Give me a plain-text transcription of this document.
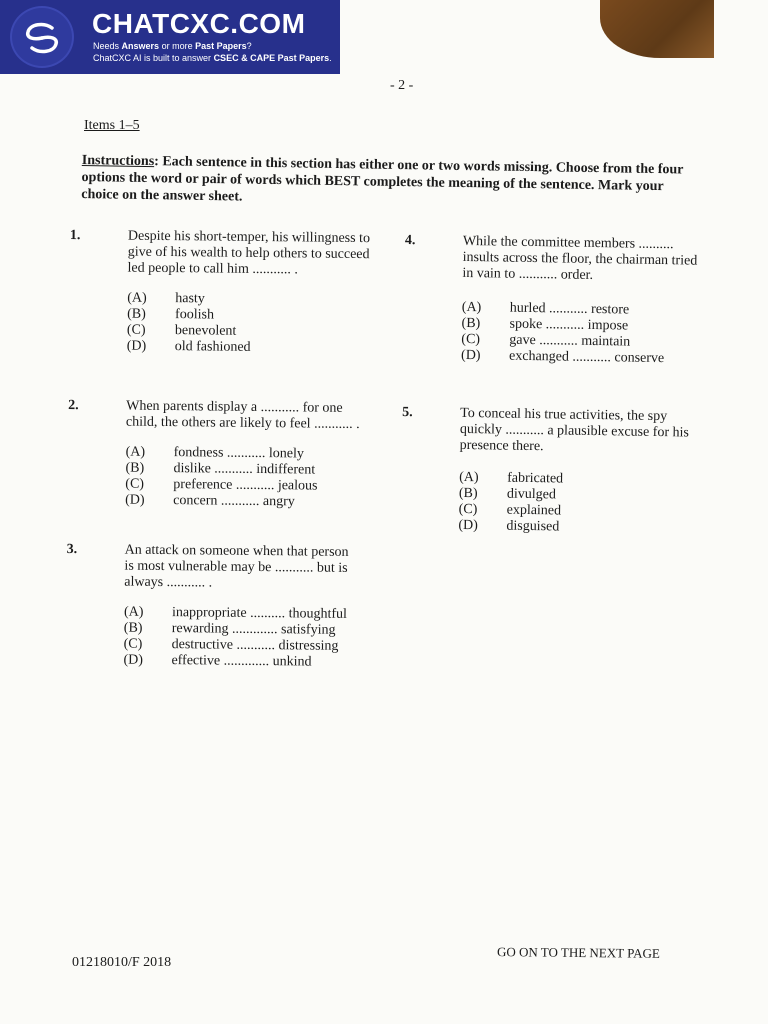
CHATCXC.COM
Needs Answers or more Past Papers?
ChatCXC AI is built to answer CSEC & CAPE Past Papers.
- 2 -
Items 1–5
Instructions: Each sentence in this section has either one or two words missing. Choose from the four options the word or pair of words which BEST completes the meaning of the sentence. Mark your choice on the answer sheet.
1.	Despite his short-temper, his willingness to
give of his wealth to help others to succeed
led people to call him ........... .
(A)	hasty
(B)	foolish
(C)	benevolent
(D)	old fashioned
2.	When parents display a ........... for one
child, the others are likely to feel ........... .
(A)	fondness ........... lonely
(B)	dislike ........... indifferent
(C)	preference ........... jealous
(D)	concern ........... angry
3.	An attack on someone when that person
is most vulnerable may be ........... but is
always ........... .
(A)	inappropriate .......... thoughtful
(B)	rewarding ............. satisfying
(C)	destructive ........... distressing
(D)	effective ............. unkind
4.	While the committee members ..........
insults across the floor, the chairman tried
in vain to ........... order.
(A)	hurled ........... restore
(B)	spoke ........... impose
(C)	gave ........... maintain
(D)	exchanged ........... conserve
5.	To conceal his true activities, the spy
quickly ........... a plausible excuse for his
presence there.
(A)	fabricated
(B)	divulged
(C)	explained
(D)	disguised
01218010/F 2018
GO ON TO THE NEXT PAGE
